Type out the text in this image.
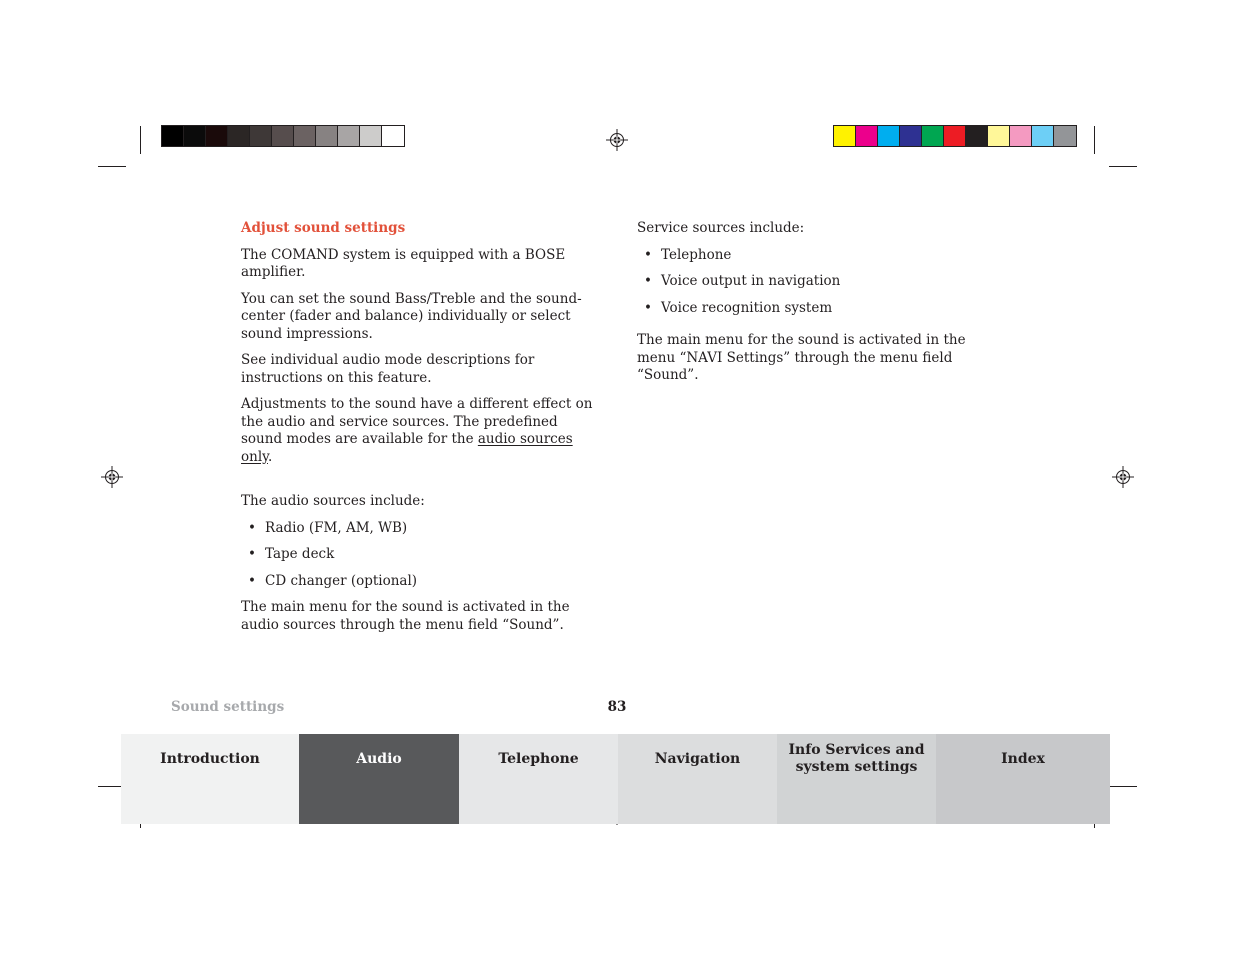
Adjust sound settings

The COMAND system is equipped with a BOSE amplifier.

You can set the sound Bass/Treble and the sound-center (fader and balance) individually or select sound impressions.

See individual audio mode descriptions for instructions on this feature.

Adjustments to the sound have a different effect on the audio and service sources. The predefined sound modes are available for the audio sources only.

The audio sources include:

• Radio (FM, AM, WB)
• Tape deck
• CD changer (optional)

The main menu for the sound is activated in the audio sources through the menu field “Sound”.

Service sources include:

• Telephone
• Voice output in navigation
• Voice recognition system

The main menu for the sound is activated in the menu “NAVI Settings” through the menu field “Sound”.

Sound settings	83
Introduction	Audio	Telephone	Navigation
Info Services and
system settings
Index
